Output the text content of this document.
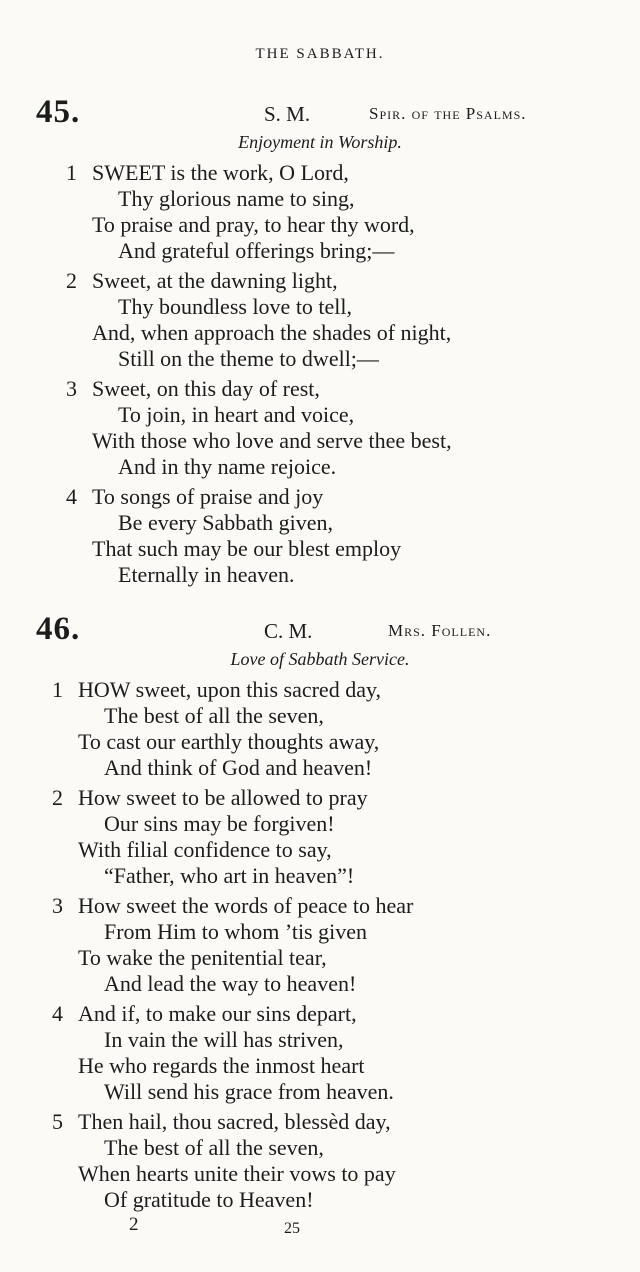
THE SABBATH.
45.	S. M.	Spir. of the Psalms.
Enjoyment in Worship.
1 SWEET is the work, O Lord,
Thy glorious name to sing,
To praise and pray, to hear thy word,
And grateful offerings bring;—
2 Sweet, at the dawning light,
Thy boundless love to tell,
And, when approach the shades of night,
Still on the theme to dwell;—
3 Sweet, on this day of rest,
To join, in heart and voice,
With those who love and serve thee best,
And in thy name rejoice.
4 To songs of praise and joy
Be every Sabbath given,
That such may be our blest employ
Eternally in heaven.
46.	C. M.	Mrs. Follen.
Love of Sabbath Service.
1 HOW sweet, upon this sacred day,
The best of all the seven,
To cast our earthly thoughts away,
And think of God and heaven!
2 How sweet to be allowed to pray
Our sins may be forgiven!
With filial confidence to say,
“Father, who art in heaven”!
3 How sweet the words of peace to hear
From Him to whom ’tis given
To wake the penitential tear,
And lead the way to heaven!
4 And if, to make our sins depart,
In vain the will has striven,
He who regards the inmost heart
Will send his grace from heaven.
5 Then hail, thou sacred, blessèd day,
The best of all the seven,
When hearts unite their vows to pay
Of gratitude to Heaven!
2	25
